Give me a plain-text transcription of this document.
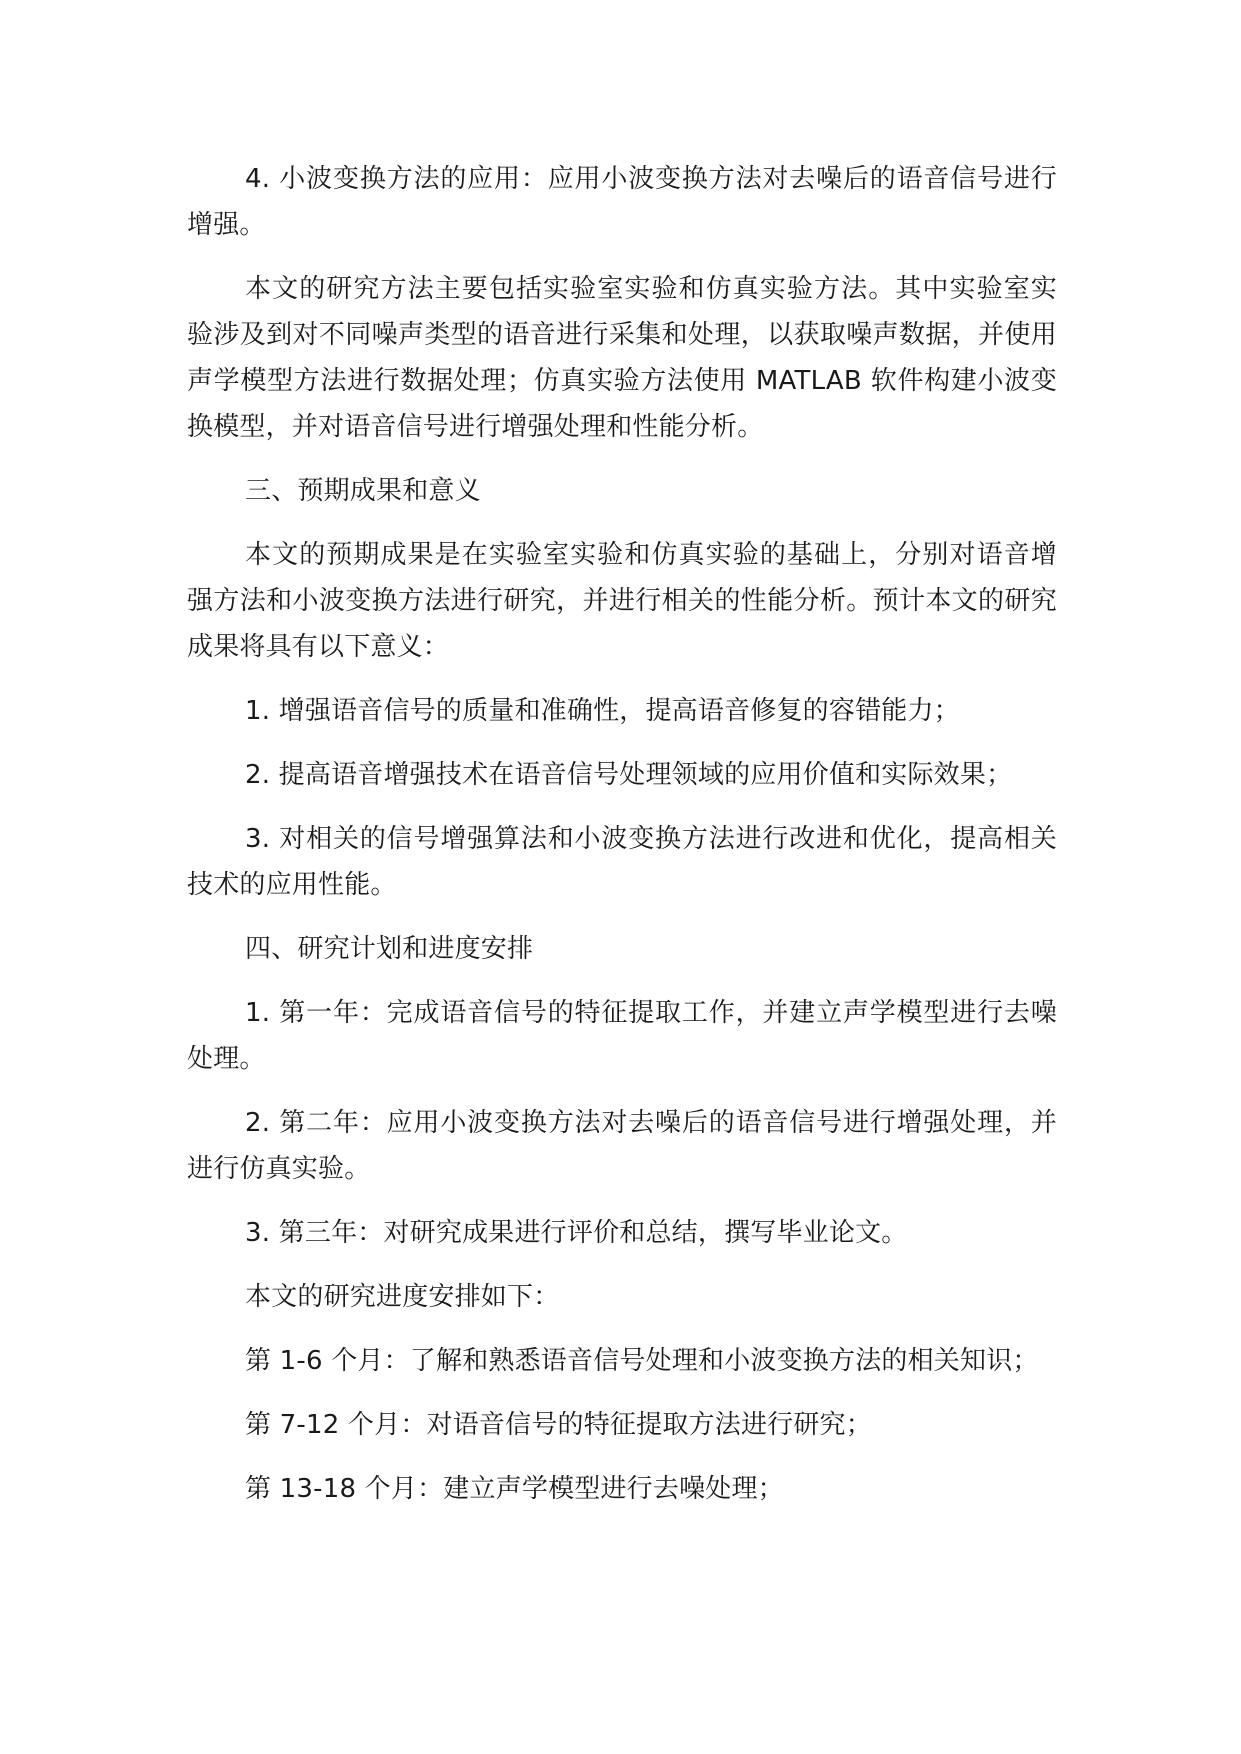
4. 小波变换方法的应用：应用小波变换方法对去噪后的语音信号进行增强。

本文的研究方法主要包括实验室实验和仿真实验方法。其中实验室实验涉及到对不同噪声类型的语音进行采集和处理，以获取噪声数据，并使用声学模型方法进行数据处理；仿真实验方法使用 MATLAB 软件构建小波变换模型，并对语音信号进行增强处理和性能分析。

三、预期成果和意义

本文的预期成果是在实验室实验和仿真实验的基础上，分别对语音增强方法和小波变换方法进行研究，并进行相关的性能分析。预计本文的研究成果将具有以下意义：

1. 增强语音信号的质量和准确性，提高语音修复的容错能力；

2. 提高语音增强技术在语音信号处理领域的应用价值和实际效果；

3. 对相关的信号增强算法和小波变换方法进行改进和优化，提高相关技术的应用性能。

四、研究计划和进度安排

1. 第一年：完成语音信号的特征提取工作，并建立声学模型进行去噪处理。

2. 第二年：应用小波变换方法对去噪后的语音信号进行增强处理，并进行仿真实验。

3. 第三年：对研究成果进行评价和总结，撰写毕业论文。

本文的研究进度安排如下：

第 1-6 个月：了解和熟悉语音信号处理和小波变换方法的相关知识；

第 7-12 个月：对语音信号的特征提取方法进行研究；

第 13-18 个月：建立声学模型进行去噪处理；
